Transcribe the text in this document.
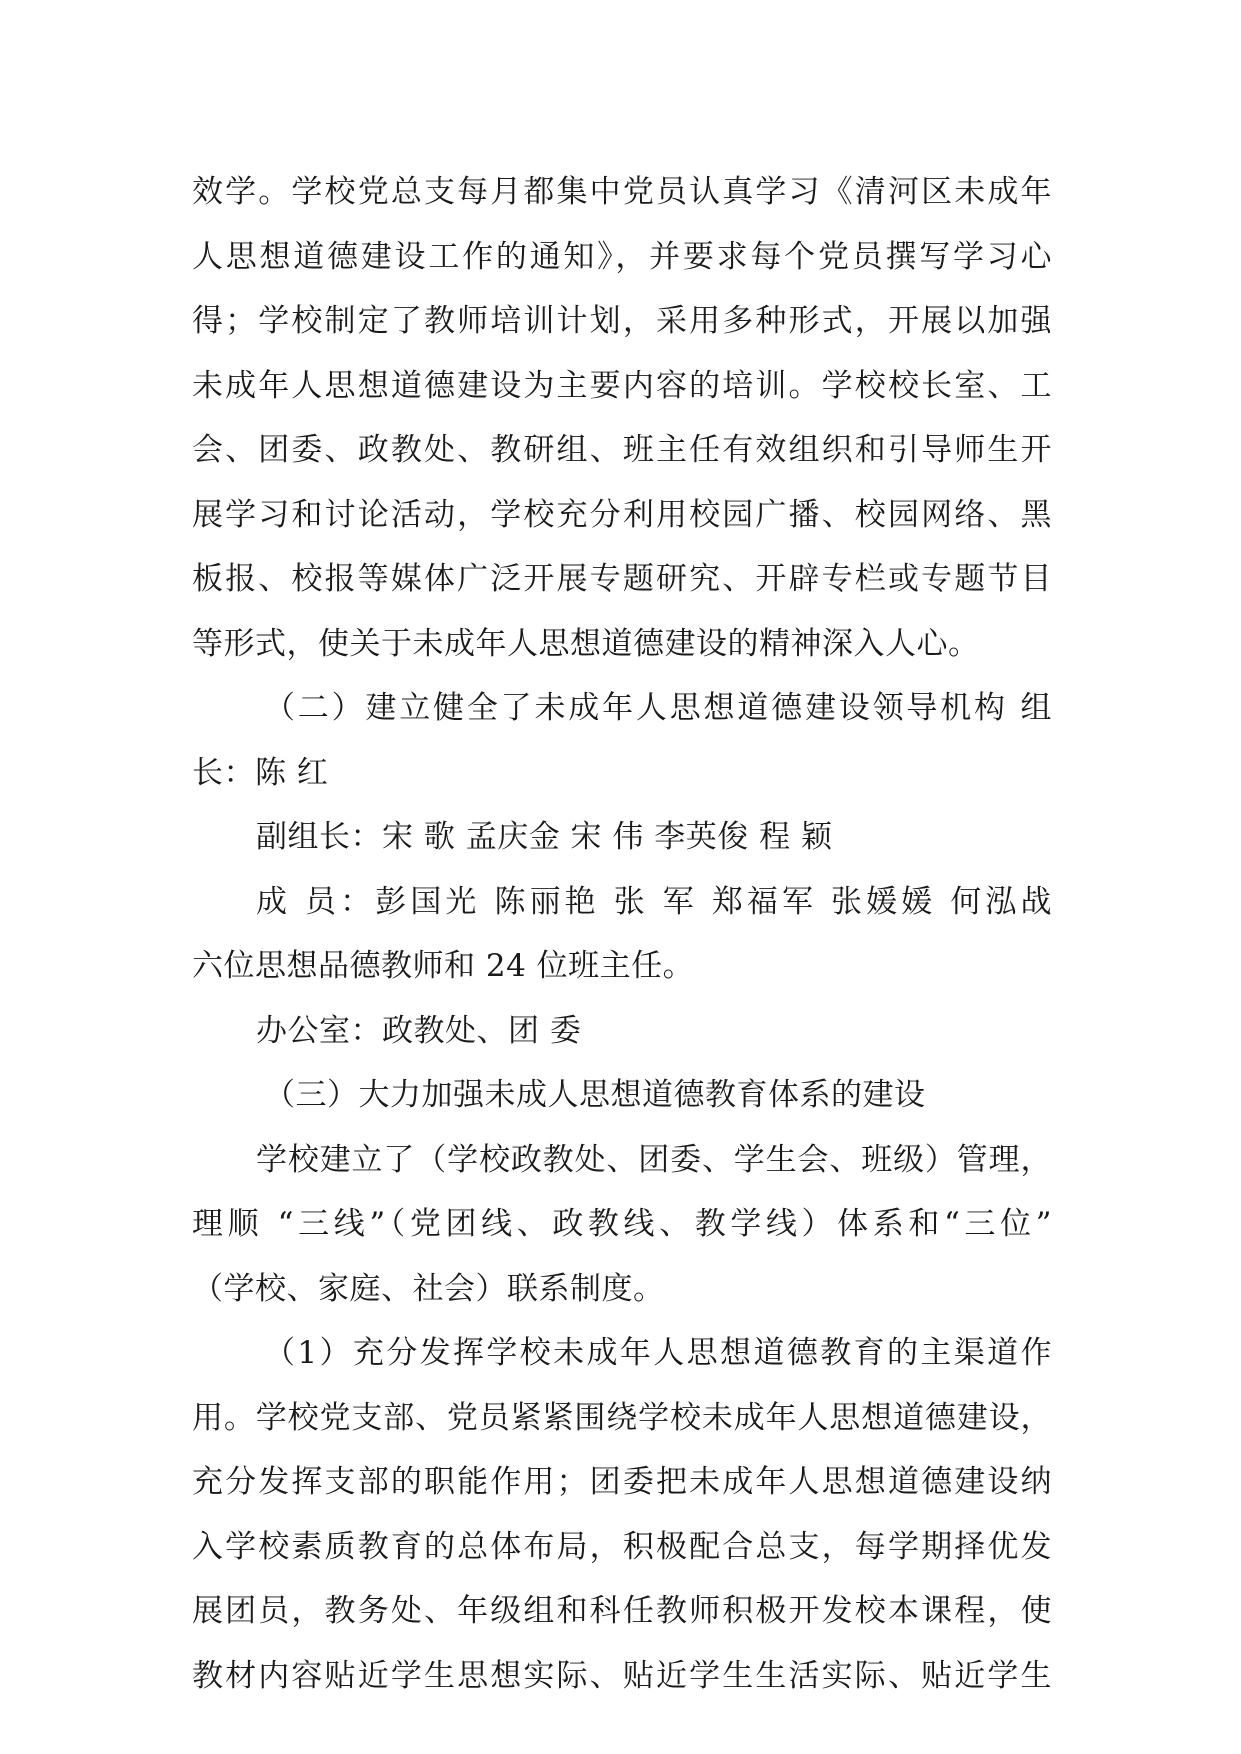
效学。学校党总支每月都集中党员认真学习《清河区未成年
人思想道德建设工作的通知》，并要求每个党员撰写学习心
得；学校制定了教师培训计划，采用多种形式，开展以加强
未成年人思想道德建设为主要内容的培训。学校校长室、工
会、团委、政教处、教研组、班主任有效组织和引导师生开
展学习和讨论活动，学校充分利用校园广播、校园网络、黑
板报、校报等媒体广泛开展专题研究、开辟专栏或专题节目
等形式，使关于未成年人思想道德建设的精神深入人心。
（二）建立健全了未成年人思想道德建设领导机构 组
长：陈 红
副组长：宋 歌 孟庆金 宋 伟 李英俊 程 颖
成 员：彭国光 陈丽艳 张 军 郑福军 张媛媛 何泓战
六位思想品德教师和 24 位班主任。
办公室：政教处、团 委
（三）大力加强未成人思想道德教育体系的建设
学校建立了（学校政教处、团委、学生会、班级）管理，
理顺 “三线”（党团线、政教线、教学线）体系和“三位”
（学校、家庭、社会）联系制度。
（1）充分发挥学校未成年人思想道德教育的主渠道作
用。学校党支部、党员紧紧围绕学校未成年人思想道德建设，
充分发挥支部的职能作用；团委把未成年人思想道德建设纳
入学校素质教育的总体布局，积极配合总支，每学期择优发
展团员，教务处、年级组和科任教师积极开发校本课程，使
教材内容贴近学生思想实际、贴近学生生活实际、贴近学生
